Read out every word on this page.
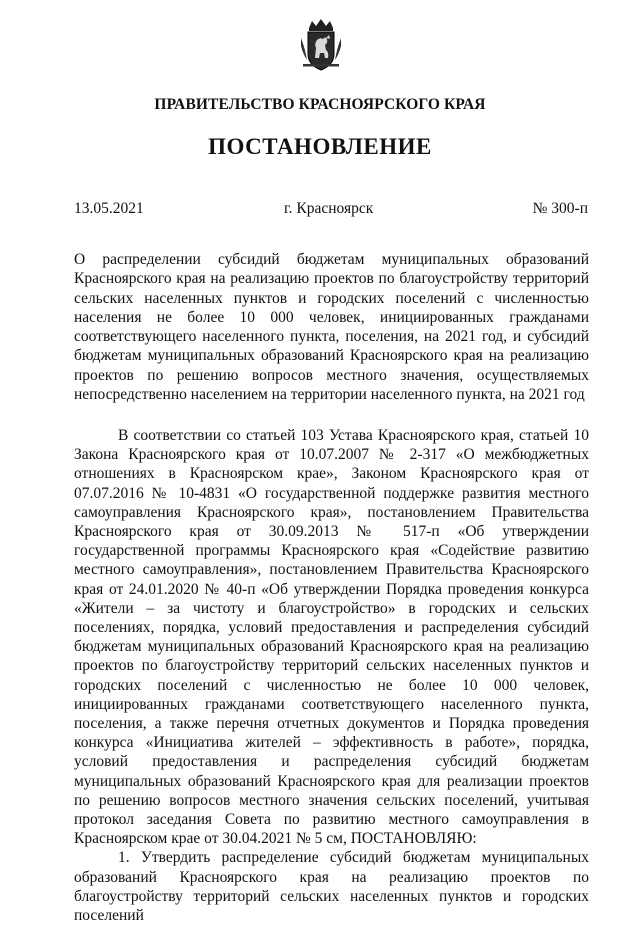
ПРАВИТЕЛЬСТВО КРАСНОЯРСКОГО КРАЯ
ПОСТАНОВЛЕНИЕ
13.05.2021	г. Красноярск	№ 300-п
О распределении субсидий бюджетам муниципальных образований Красноярского края на реализацию проектов по благоустройству территорий сельских населенных пунктов и городских поселений с численностью населения не более 10 000 человек, инициированных гражданами соответствующего населенного пункта, поселения, на 2021 год, и субсидий бюджетам муниципальных образований Красноярского края на реализацию проектов по решению вопросов местного значения, осуществляемых непосредственно населением на территории населенного пункта, на 2021 год

В соответствии со статьей 103 Устава Красноярского края, статьей 10 Закона Красноярского края от 10.07.2007 № 2-317 «О межбюджетных отношениях в Красноярском крае», Законом Красноярского края от 07.07.2016 № 10-4831 «О государственной поддержке развития местного самоуправления Красноярского края», постановлением Правительства Красноярского края от 30.09.2013 № 517-п «Об утверждении государственной программы Красноярского края «Содействие развитию местного самоуправления», постановлением Правительства Красноярского края от 24.01.2020 № 40-п «Об утверждении Порядка проведения конкурса «Жители – за чистоту и благоустройство» в городских и сельских поселениях, порядка, условий предоставления и распределения субсидий бюджетам муниципальных образований Красноярского края на реализацию проектов по благоустройству территорий сельских населенных пунктов и городских поселений с численностью не более 10 000 человек, инициированных гражданами соответствующего населенного пункта, поселения, а также перечня отчетных документов и Порядка проведения конкурса «Инициатива жителей – эффективность в работе», порядка, условий предоставления и распределения субсидий бюджетам муниципальных образований Красноярского края для реализации проектов по решению вопросов местного значения сельских поселений, учитывая протокол заседания Совета по развитию местного самоуправления в Красноярском крае от 30.04.2021 № 5 см, ПОСТАНОВЛЯЮ:

1. Утвердить распределение субсидий бюджетам муниципальных образований Красноярского края на реализацию проектов по благоустройству территорий сельских населенных пунктов и городских поселений
